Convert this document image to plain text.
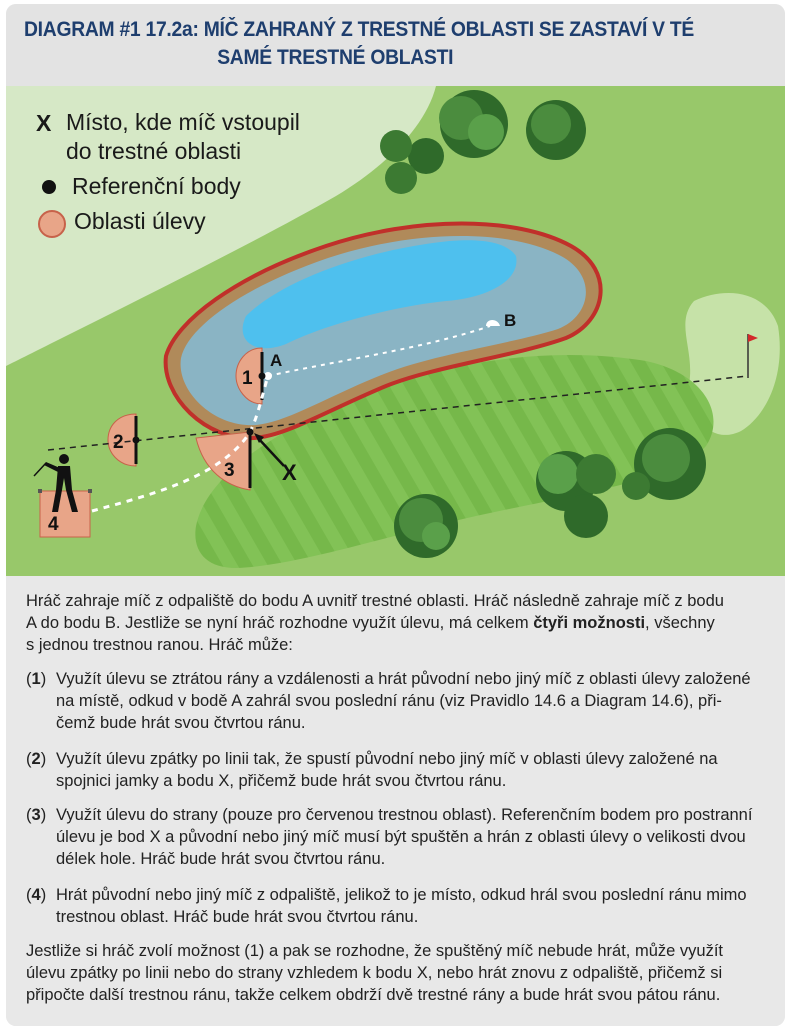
DIAGRAM #1 17.2a: MÍČ ZAHRANÝ Z TRESTNÉ OBLASTI SE ZASTAVÍ V TÉ
SAMÉ TRESTNÉ OBLASTI
A
B
X
1
2
3
4
X Místo, kde míč vstoupil
do trestné oblasti
Referenční body
Oblasti úlevy
Hráč zahraje míč z odpaliště do bodu A uvnitř trestné oblasti. Hráč následně zahraje míč z bodu
A do bodu B. Jestliže se nyní hráč rozhodne využít úlevu, má celkem čtyři možnosti, všechny
s jednou trestnou ranou. Hráč může:
(1) Využít úlevu se ztrátou rány a vzdálenosti a hrát původní nebo jiný míč z oblasti úlevy založené
na místě, odkud v bodě A zahrál svou poslední ránu (viz Pravidlo 14.6 a Diagram 14.6), při-
čemž bude hrát svou čtvrtou ránu.
(2) Využít úlevu zpátky po linii tak, že spustí původní nebo jiný míč v oblasti úlevy založené na
spojnici jamky a bodu X, přičemž bude hrát svou čtvrtou ránu.
(3) Využít úlevu do strany (pouze pro červenou trestnou oblast). Referenčním bodem pro postranní
úlevu je bod X a původní nebo jiný míč musí být spuštěn a hrán z oblasti úlevy o velikosti dvou
délek hole. Hráč bude hrát svou čtvrtou ránu.
(4) Hrát původní nebo jiný míč z odpaliště, jelikož to je místo, odkud hrál svou poslední ránu mimo
trestnou oblast. Hráč bude hrát svou čtvrtou ránu.
Jestliže si hráč zvolí možnost (1) a pak se rozhodne, že spuštěný míč nebude hrát, může využít
úlevu zpátky po linii nebo do strany vzhledem k bodu X, nebo hrát znovu z odpaliště, přičemž si
připočte další trestnou ránu, takže celkem obdrží dvě trestné rány a bude hrát svou pátou ránu.
